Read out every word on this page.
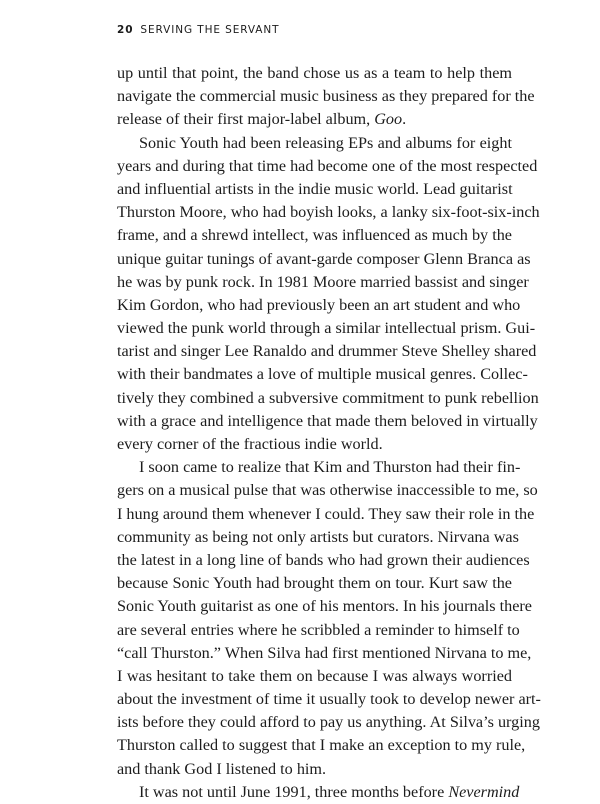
20 SERVING THE SERVANT
up until that point, the band chose us as a team to help them
navigate the commercial music business as they prepared for the
release of their first major-label album, Goo.
Sonic Youth had been releasing EPs and albums for eight
years and during that time had become one of the most respected
and influential artists in the indie music world. Lead guitarist
Thurston Moore, who had boyish looks, a lanky six-foot-six-inch
frame, and a shrewd intellect, was influenced as much by the
unique guitar tunings of avant-garde composer Glenn Branca as
he was by punk rock. In 1981 Moore married bassist and singer
Kim Gordon, who had previously been an art student and who
viewed the punk world through a similar intellectual prism. Gui-
tarist and singer Lee Ranaldo and drummer Steve Shelley shared
with their bandmates a love of multiple musical genres. Collec-
tively they combined a subversive commitment to punk rebellion
with a grace and intelligence that made them beloved in virtually
every corner of the fractious indie world.
I soon came to realize that Kim and Thurston had their fin-
gers on a musical pulse that was otherwise inaccessible to me, so
I hung around them whenever I could. They saw their role in the
community as being not only artists but curators. Nirvana was
the latest in a long line of bands who had grown their audiences
because Sonic Youth had brought them on tour. Kurt saw the
Sonic Youth guitarist as one of his mentors. In his journals there
are several entries where he scribbled a reminder to himself to
“call Thurston.” When Silva had first mentioned Nirvana to me,
I was hesitant to take them on because I was always worried
about the investment of time it usually took to develop newer art-
ists before they could afford to pay us anything. At Silva’s urging
Thurston called to suggest that I make an exception to my rule,
and thank God I listened to him.
It was not until June 1991, three months before Nevermind
